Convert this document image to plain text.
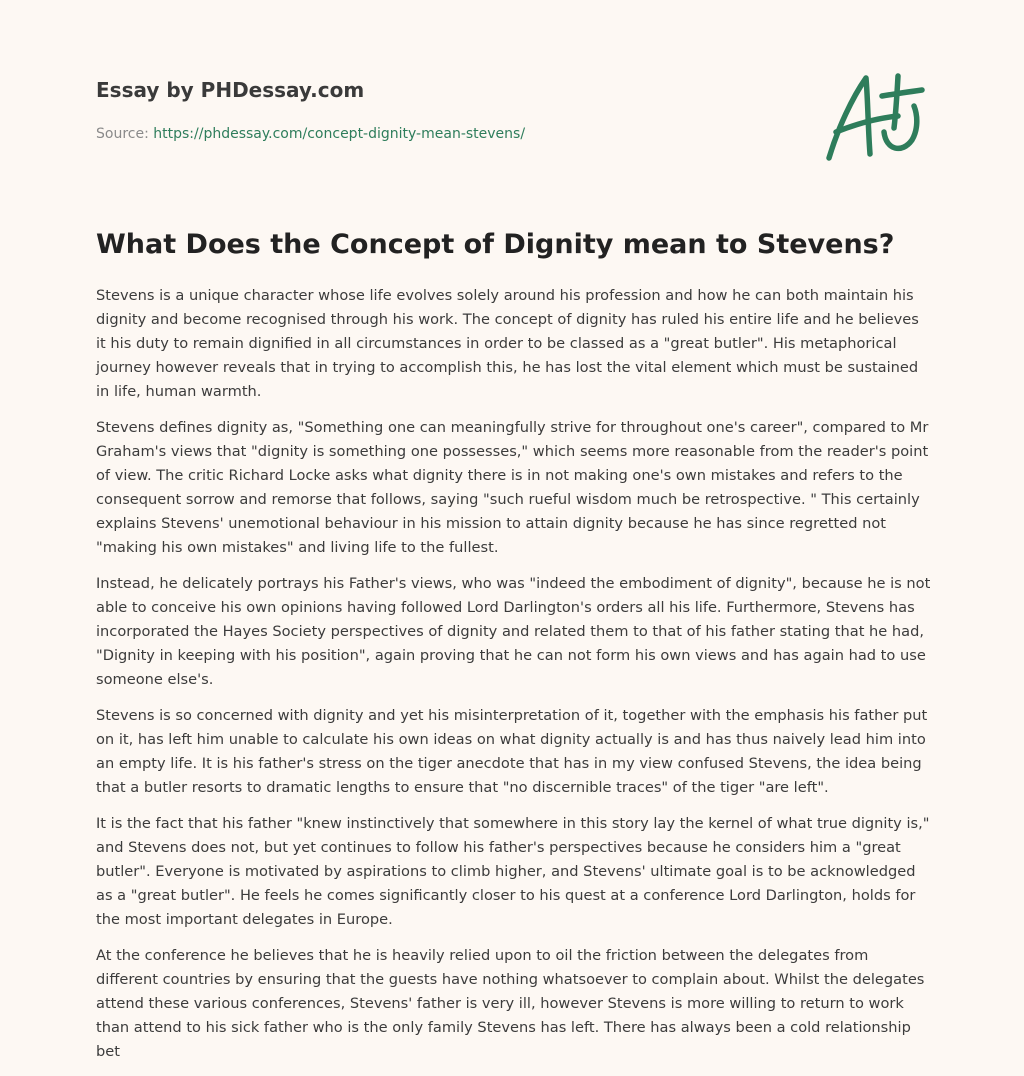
Essay by PHDessay.com
Source: https://phdessay.com/concept-dignity-mean-stevens/
What Does the Concept of Dignity mean to Stevens?

Stevens is a unique character whose life evolves solely around his profession and how he can both maintain his dignity and become recognised through his work. The concept of dignity has ruled his entire life and he believes it his duty to remain dignified in all circumstances in order to be classed as a "great butler". His metaphorical journey however reveals that in trying to accomplish this, he has lost the vital element which must be sustained in life, human warmth.

Stevens defines dignity as, "Something one can meaningfully strive for throughout one's career", compared to Mr Graham's views that "dignity is something one possesses," which seems more reasonable from the reader's point of view. The critic Richard Locke asks what dignity there is in not making one's own mistakes and refers to the consequent sorrow and remorse that follows, saying "such rueful wisdom much be retrospective. " This certainly explains Stevens' unemotional behaviour in his mission to attain dignity because he has since regretted not "making his own mistakes" and living life to the fullest.

Instead, he delicately portrays his Father's views, who was "indeed the embodiment of dignity", because he is not able to conceive his own opinions having followed Lord Darlington's orders all his life. Furthermore, Stevens has incorporated the Hayes Society perspectives of dignity and related them to that of his father stating that he had, "Dignity in keeping with his position", again proving that he can not form his own views and has again had to use someone else's.

Stevens is so concerned with dignity and yet his misinterpretation of it, together with the emphasis his father put on it, has left him unable to calculate his own ideas on what dignity actually is and has thus naively lead him into an empty life. It is his father's stress on the tiger anecdote that has in my view confused Stevens, the idea being that a butler resorts to dramatic lengths to ensure that "no discernible traces" of the tiger "are left".

It is the fact that his father "knew instinctively that somewhere in this story lay the kernel of what true dignity is," and Stevens does not, but yet continues to follow his father's perspectives because he considers him a "great butler". Everyone is motivated by aspirations to climb higher, and Stevens' ultimate goal is to be acknowledged as a "great butler". He feels he comes significantly closer to his quest at a conference Lord Darlington, holds for the most important delegates in Europe.

At the conference he believes that he is heavily relied upon to oil the friction between the delegates from different countries by ensuring that the guests have nothing whatsoever to complain about. Whilst the delegates attend these various conferences, Stevens' father is very ill, however Stevens is more willing to return to work than attend to his sick father who is the only family Stevens has left. There has always been a cold relationship bet
